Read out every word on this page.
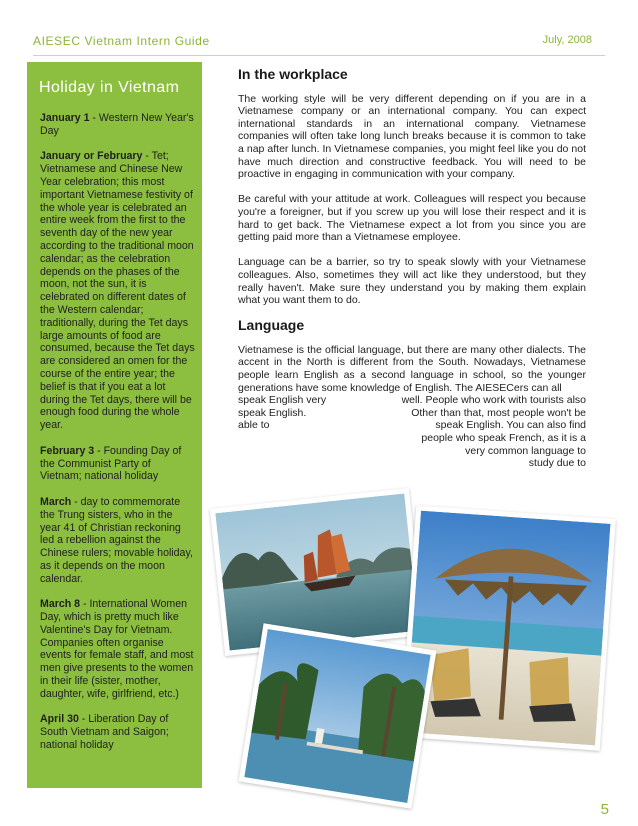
AIESEC Vietnam Intern Guide	July, 2008
Holiday in Vietnam
January 1 - Western New Year's Day
January or February - Tet; Vietnamese and Chinese New Year celebration; this most important Vietnamese festivity of the whole year is celebrated an entire week from the first to the seventh day of the new year according to the traditional moon calendar; as the celebration depends on the phases of the moon, not the sun, it is celebrated on different dates of the Western calendar; traditionally, during the Tet days large amounts of food are consumed, because the Tet days are considered an omen for the course of the entire year; the belief is that if you eat a lot during the Tet days, there will be enough food during the whole year.
February 3 - Founding Day of the Communist Party of Vietnam; national holiday
March - day to commemorate the Trung sisters, who in the year 41 of Christian reckoning led a rebellion against the Chinese rulers; movable holiday, as it depends on the moon calendar.
March 8 - International Women Day, which is pretty much like Valentine's Day for Vietnam. Companies often organise events for female staff, and most men give presents to the women in their life (sister, mother, daughter, wife, girlfriend, etc.)
April 30 - Liberation Day of South Vietnam and Saigon; national holiday
In the workplace

The working style will be very different depending on if you are in a Vietnamese company or an international company. You can expect international standards in an international company. Vietnamese companies will often take long lunch breaks because it is common to take a nap after lunch. In Vietnamese companies, you might feel like you do not have much direction and constructive feedback. You will need to be proactive in engaging in communication with your company.

Be careful with your attitude at work. Colleagues will respect you because you're a foreigner, but if you screw up you will lose their respect and it is hard to get back. The Vietnamese expect a lot from you since you are getting paid more than a Vietnamese employee.

Language can be a barrier, so try to speak slowly with your Vietnamese colleagues. Also, sometimes they will act like they understood, but they really haven't. Make sure they understand you by making them explain what you want them to do.

Language

Vietnamese is the official language, but there are many other dialects. The accent in the North is different from the South. Nowadays, Vietnamese people learn English as a second language in school, so the younger generations have some knowledge of English. The AIESECers can all

speak English very	well. People who work with tourists also
speak English.	Other than that, most people won't be
able to	speak English. You can also find
people who speak French, as it is a
very common language to
study due to
5
